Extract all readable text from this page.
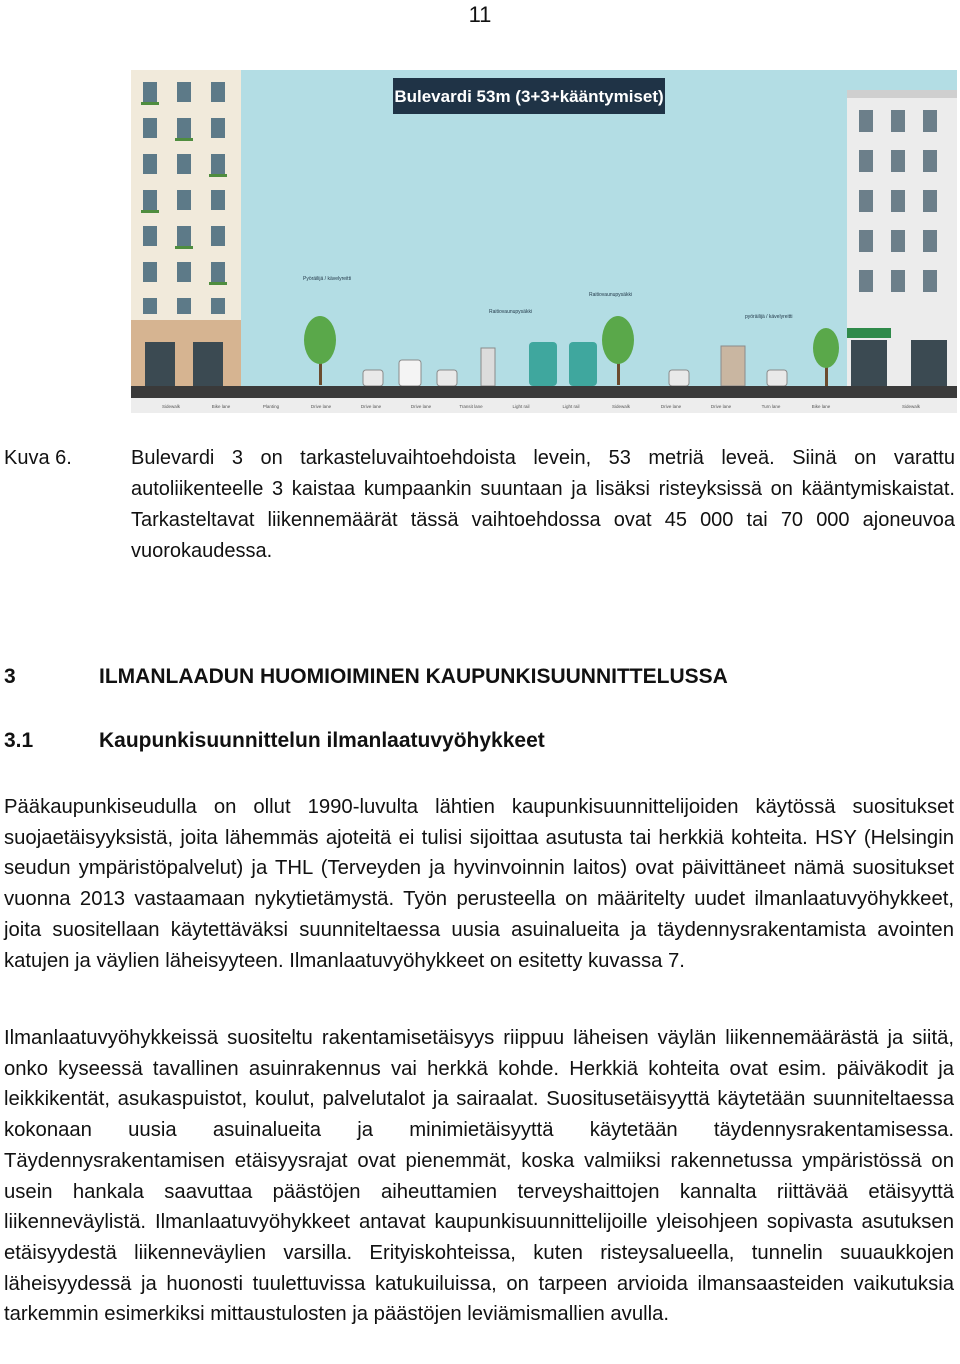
11
Bulevardi 53m (3+3+kääntymiset)
Pyöräilijä / kävelyreitti
Raitiovaunupysäkki
Raitiovaunupysäkki
pyöräilijä / kävelyreitti
Sidewalk	Bike lane	Planting	Drive lane	Drive lane	Drive lane	Transit lane	Light rail	Light rail	Sidewalk	Drive lane	Drive lane	Turn lane	Bike lane	Sidewalk
Kuva 6.	Bulevardi 3 on tarkasteluvaihtoehdoista levein, 53 metriä leveä. Siinä on varattu autoliikenteelle 3 kaistaa kumpaankin suuntaan ja lisäksi risteyksissä on kääntymiskaistat. Tarkasteltavat liikennemäärät tässä vaihtoehdossa ovat 45 000 tai 70 000 ajoneuvoa vuorokaudessa.
3	ILMANLAADUN HUOMIOIMINEN KAUPUNKISUUNNITTELUSSA
3.1	Kaupunkisuunnittelun ilmanlaatuvyöhykkeet

Pääkaupunkiseudulla on ollut 1990-luvulta lähtien kaupunkisuunnittelijoiden käytössä suositukset suojaetäisyyksistä, joita lähemmäs ajoteitä ei tulisi sijoittaa asutusta tai herkkiä kohteita. HSY (Helsingin seudun ympäristöpalvelut) ja THL (Terveyden ja hyvinvoinnin laitos) ovat päivittäneet nämä suositukset vuonna 2013 vastaamaan nykytietämystä. Työn perusteella on määritelty uudet ilmanlaatuvyöhykkeet, joita suositellaan käytettäväksi suunniteltaessa uusia asuinalueita ja täydennysrakentamista avointen katujen ja väylien läheisyyteen. Ilmanlaatuvyöhykkeet on esitetty kuvassa 7.

Ilmanlaatuvyöhykkeissä suositeltu rakentamisetäisyys riippuu läheisen väylän liikennemäärästä ja siitä, onko kyseessä tavallinen asuinrakennus vai herkkä kohde. Herkkiä kohteita ovat esim. päiväkodit ja leikkikentät, asukaspuistot, koulut, palvelutalot ja sairaalat. Suositusetäisyyttä käytetään suunniteltaessa kokonaan uusia asuinalueita ja minimietäisyyttä käytetään täydennysrakentamisessa. Täydennysrakentamisen etäisyysrajat ovat pienemmät, koska valmiiksi rakennetussa ympäristössä on usein hankala saavuttaa päästöjen aiheuttamien terveyshaittojen kannalta riittävää etäisyyttä liikenneväylistä. Ilmanlaatuvyöhykkeet antavat kaupunkisuunnittelijoille yleisohjeen sopivasta asutuksen etäisyydestä liikenneväylien varsilla. Erityiskohteissa, kuten risteysalueella, tunnelin suuaukkojen läheisyydessä ja huonosti tuulettuvissa katukuiluissa, on tarpeen arvioida ilmansaasteiden vaikutuksia tarkemmin esimerkiksi mittaustulosten ja päästöjen leviämismallien avulla.
